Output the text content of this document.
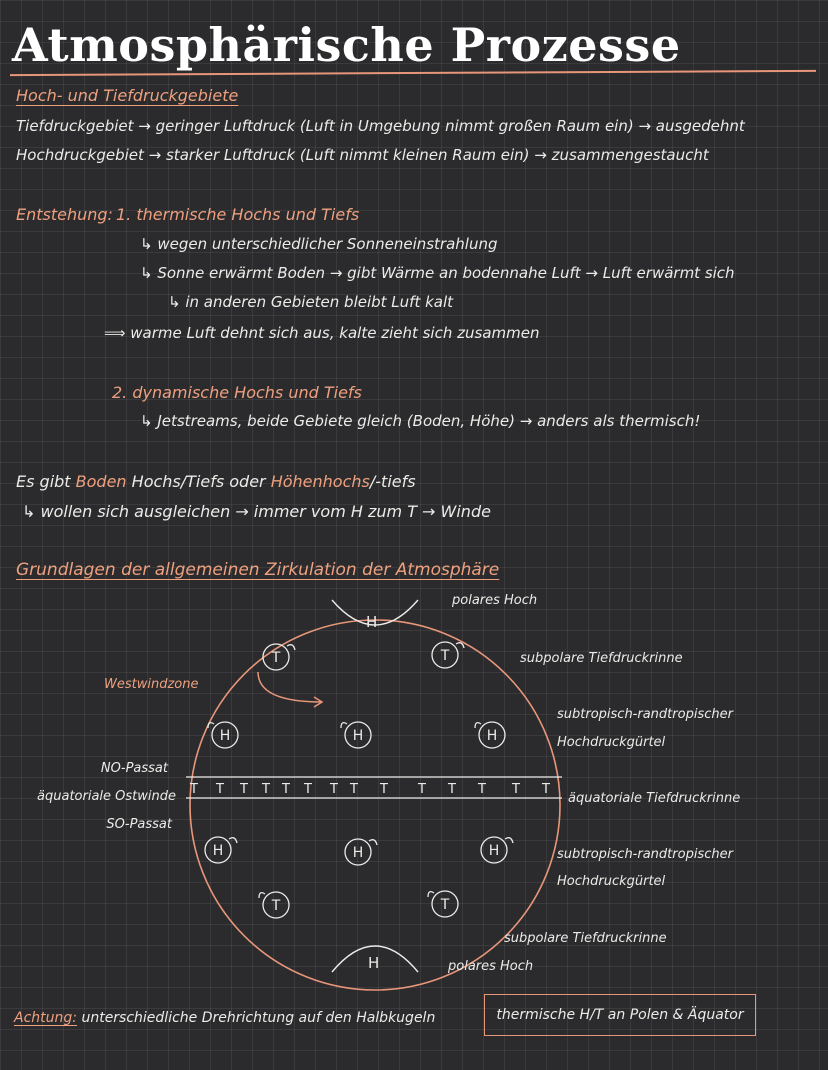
Atmosphärische Prozesse
Hoch- und Tiefdruckgebiete
Tiefdruckgebiet → geringer Luftdruck (Luft in Umgebung nimmt großen Raum ein) → ausgedehnt
Hochdruckgebiet → starker Luftdruck (Luft nimmt kleinen Raum ein) → zusammengestaucht
Entstehung: 1. thermische Hochs und Tiefs
↳ wegen unterschiedlicher Sonneneinstrahlung
↳ Sonne erwärmt Boden → gibt Wärme an bodennahe Luft → Luft erwärmt sich
↳ in anderen Gebieten bleibt Luft kalt
⟹ warme Luft dehnt sich aus, kalte zieht sich zusammen
2. dynamische Hochs und Tiefs
↳ Jetstreams, beide Gebiete gleich (Boden, Höhe) → anders als thermisch!
Es gibt Boden Hochs/Tiefs oder Höhenhochs/-tiefs
↳ wollen sich ausgleichen → immer vom H zum T → Winde
Grundlagen der allgemeinen Zirkulation der Atmosphäre
H
H
T T T T T T T T T T T T T T
T	T
H	H	H
H	H	H
T	T
polares Hoch
subpolare Tiefdruckrinne
subtropisch-randtropischer
Hochdruckgürtel
äquatoriale Tiefdruckrinne
subtropisch-randtropischer
Hochdruckgürtel
subpolare Tiefdruckrinne
polares Hoch
NO-Passat
äquatoriale Ostwinde
SO-Passat
Westwindzone
Achtung: unterschiedliche Drehrichtung auf den Halbkugeln	thermische H/T an Polen & Äquator
